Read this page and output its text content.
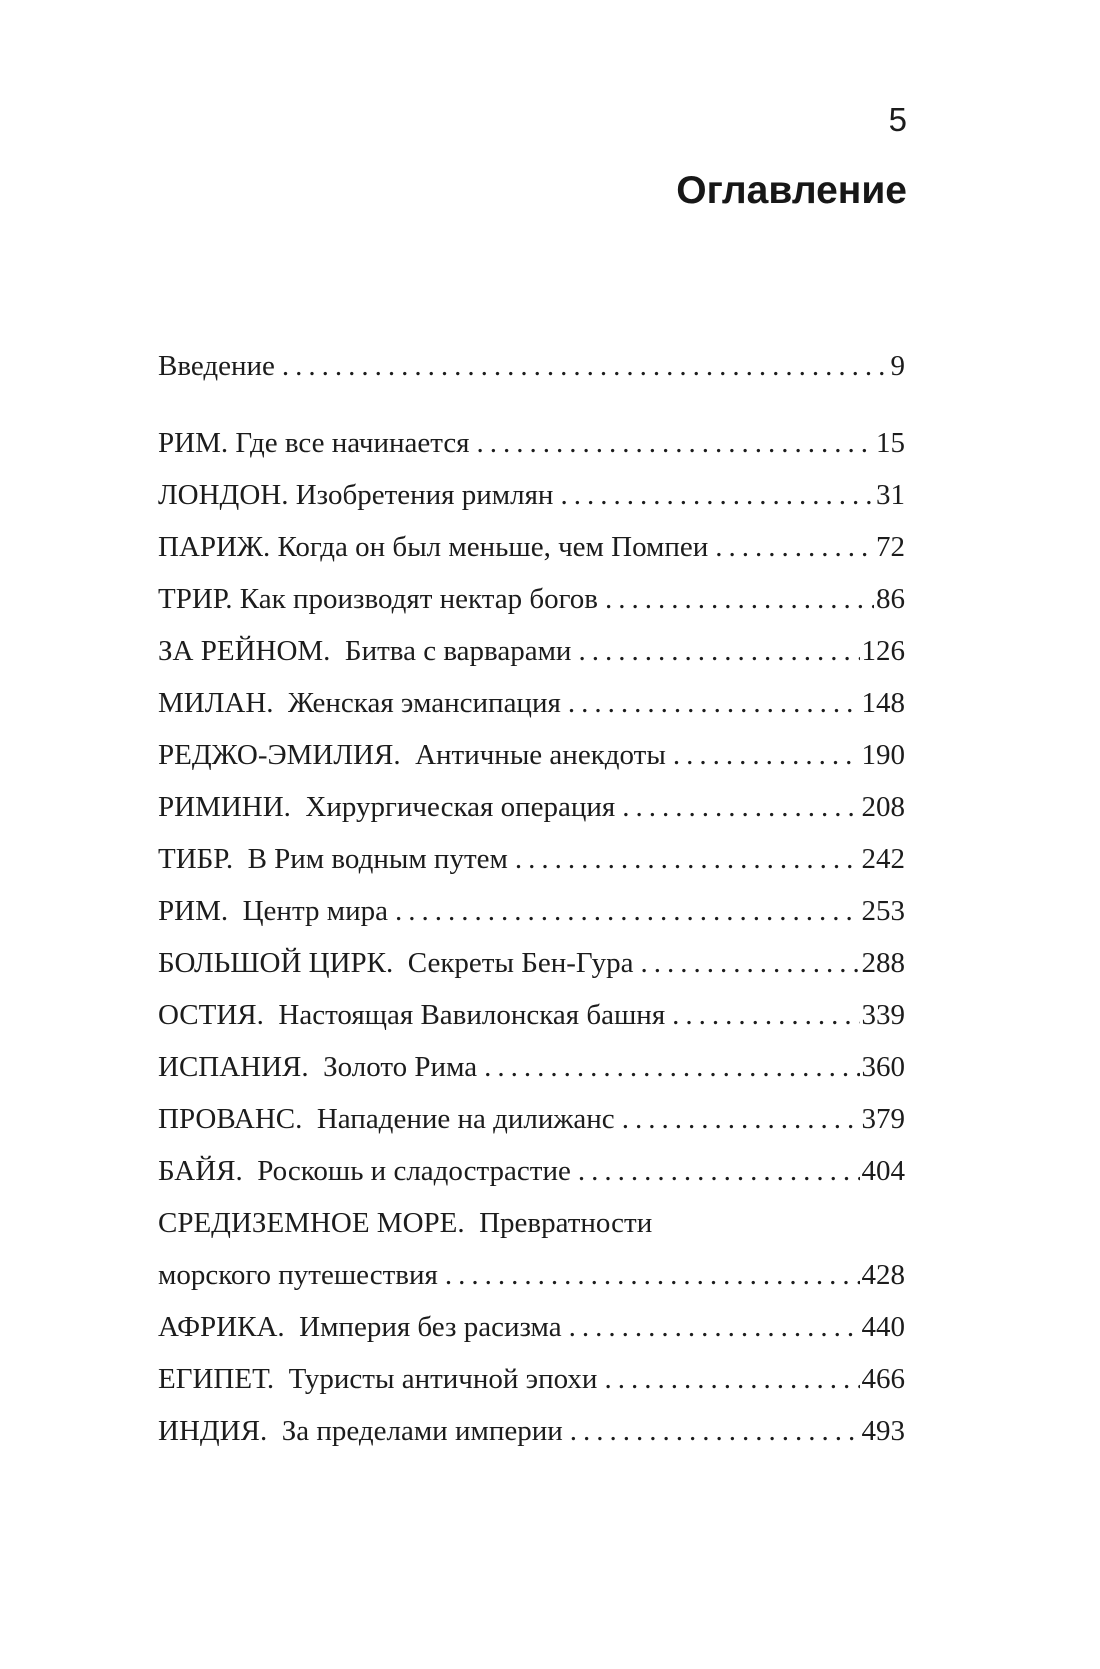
5
Оглавление
Введение .....	9
РИМ. Где все начинается .....	15
ЛОНДОН. Изобретения римлян .....	31
ПАРИЖ. Когда он был меньше, чем Помпеи .....	72
ТРИР. Как производят нектар богов .....	86
ЗА РЕЙНОМ.  Битва с варварами .....	126
МИЛАН.  Женская эмансипация .....	148
РЕДЖО-ЭМИЛИЯ.  Античные анекдоты .....	190
РИМИНИ.  Хирургическая операция .....	208
ТИБР.  В Рим водным путем .....	242
РИМ.  Центр мира .....	253
БОЛЬШОЙ ЦИРК.  Секреты Бен-Гура .....	288
ОСТИЯ.  Настоящая Вавилонская башня .....	339
ИСПАНИЯ.  Золото Рима .....	360
ПРОВАНС.  Нападение на дилижанс .....	379
БАЙЯ.  Роскошь и сладострастие .....	404
СРЕДИЗЕМНОЕ МОРЕ.  Превратности
морского путешествия .....	428
АФРИКА.  Империя без расизма .....	440
ЕГИПЕТ.  Туристы античной эпохи .....	466
ИНДИЯ.  За пределами империи .....	493
